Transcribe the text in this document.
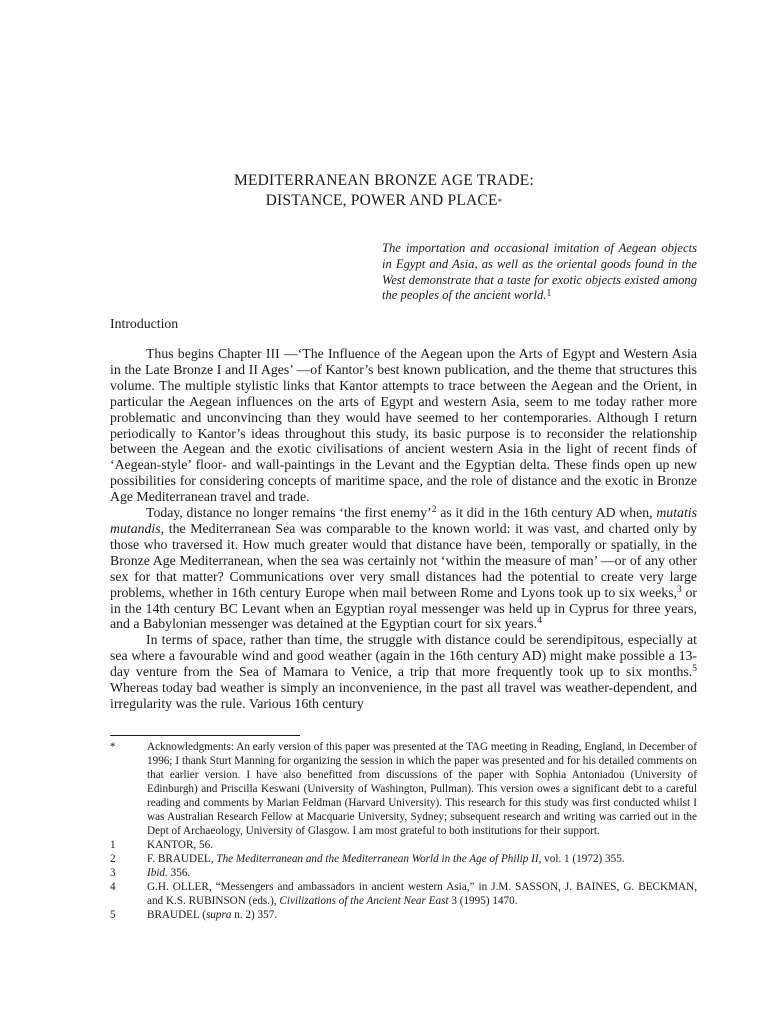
MEDITERRANEAN BRONZE AGE TRADE:
DISTANCE, POWER AND PLACE*

The importation and occasional imitation of Aegean objects in Egypt and Asia, as well as the oriental goods found in the West demonstrate that a taste for exotic objects existed among the peoples of the ancient world.$^1$

Introduction

Thus begins Chapter III —‘The Influence of the Aegean upon the Arts of Egypt and Western Asia in the Late Bronze I and II Ages’ —of Kantor’s best known publication, and the theme that structures this volume. The multiple stylistic links that Kantor attempts to trace between the Aegean and the Orient, in particular the Aegean influences on the arts of Egypt and western Asia, seem to me today rather more problematic and unconvincing than they would have seemed to her contemporaries. Although I return periodically to Kantor’s ideas throughout this study, its basic purpose is to reconsider the relationship between the Aegean and the exotic civilisations of ancient western Asia in the light of recent finds of ‘Aegean-style’ floor- and wall-paintings in the Levant and the Egyptian delta. These finds open up new possibilities for considering concepts of maritime space, and the role of distance and the exotic in Bronze Age Mediterranean travel and trade.

Today, distance no longer remains ‘the first enemy’$^2$ as it did in the 16th century AD when, mutatis mutandis, the Mediterranean Sea was comparable to the known world: it was vast, and charted only by those who traversed it. How much greater would that distance have been, temporally or spatially, in the Bronze Age Mediterranean, when the sea was certainly not ‘within the measure of man’ —or of any other sex for that matter? Communications over very small distances had the potential to create very large problems, whether in 16th century Europe when mail between Rome and Lyons took up to six weeks,$^3$ or in the 14th century BC Levant when an Egyptian royal messenger was held up in Cyprus for three years, and a Babylonian messenger was detained at the Egyptian court for six years.$^4$

In terms of space, rather than time, the struggle with distance could be serendipitous, especially at sea where a favourable wind and good weather (again in the 16th century AD) might make possible a 13-day venture from the Sea of Mamara to Venice, a trip that more frequently took up to six months.$^5$ Whereas today bad weather is simply an inconvenience, in the past all travel was weather-dependent, and irregularity was the rule. Various 16th century

*	Acknowledgments: An early version of this paper was presented at the TAG meeting in Reading, England, in December of 1996; I thank Sturt Manning for organizing the session in which the paper was presented and for his detailed comments on that earlier version. I have also benefitted from discussions of the paper with Sophia Antoniadou (University of Edinburgh) and Priscilla Keswani (University of Washington, Pullman). This version owes a significant debt to a careful reading and comments by Marian Feldman (Harvard University). This research for this study was first conducted whilst I was Australian Research Fellow at Macquarie University, Sydney; subsequent research and writing was carried out in the Dept of Archaeology, University of Glasgow. I am most grateful to both institutions for their support.
1	KANTOR, 56.
2	F. BRAUDEL, The Mediterranean and the Mediterranean World in the Age of Philip II, vol. 1 (1972) 355.
3	Ibid. 356.
4	G.H. OLLER, “Messengers and ambassadors in ancient western Asia,” in J.M. SASSON, J. BAINES, G. BECKMAN, and K.S. RUBINSON (eds.), Civilizations of the Ancient Near East 3 (1995) 1470.
5	BRAUDEL (supra n. 2) 357.
